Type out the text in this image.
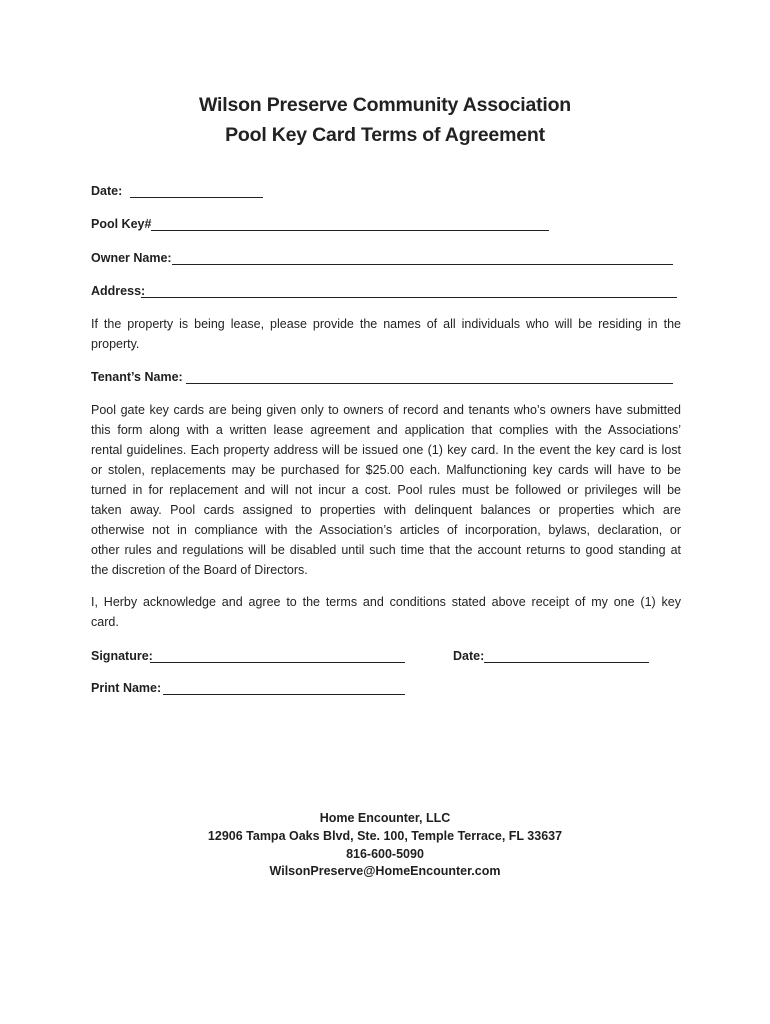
Wilson Preserve Community Association
Pool Key Card Terms of Agreement
Date:
Pool Key#
Owner Name:
Address:
If the property is being lease, please provide the names of all individuals who will be residing in the
property.
Tenant’s Name:
Pool gate key cards are being given only to owners of record and tenants who’s owners have submitted
this form along with a written lease agreement and application that complies with the Associations’
rental guidelines. Each property address will be issued one (1) key card. In the event the key card is lost
or stolen, replacements may be purchased for $25.00 each. Malfunctioning key cards will have to be
turned in for replacement and will not incur a cost. Pool rules must be followed or privileges will be
taken away. Pool cards assigned to properties with delinquent balances or properties which are
otherwise not in compliance with the Association’s articles of incorporation, bylaws, declaration, or
other rules and regulations will be disabled until such time that the account returns to good standing at
the discretion of the Board of Directors.
I, Herby acknowledge and agree to the terms and conditions stated above receipt of my one (1) key
card.
Signature:	Date:
Print Name:
Home Encounter, LLC
12906 Tampa Oaks Blvd, Ste. 100, Temple Terrace, FL 33637
816-600-5090
WilsonPreserve@HomeEncounter.com
